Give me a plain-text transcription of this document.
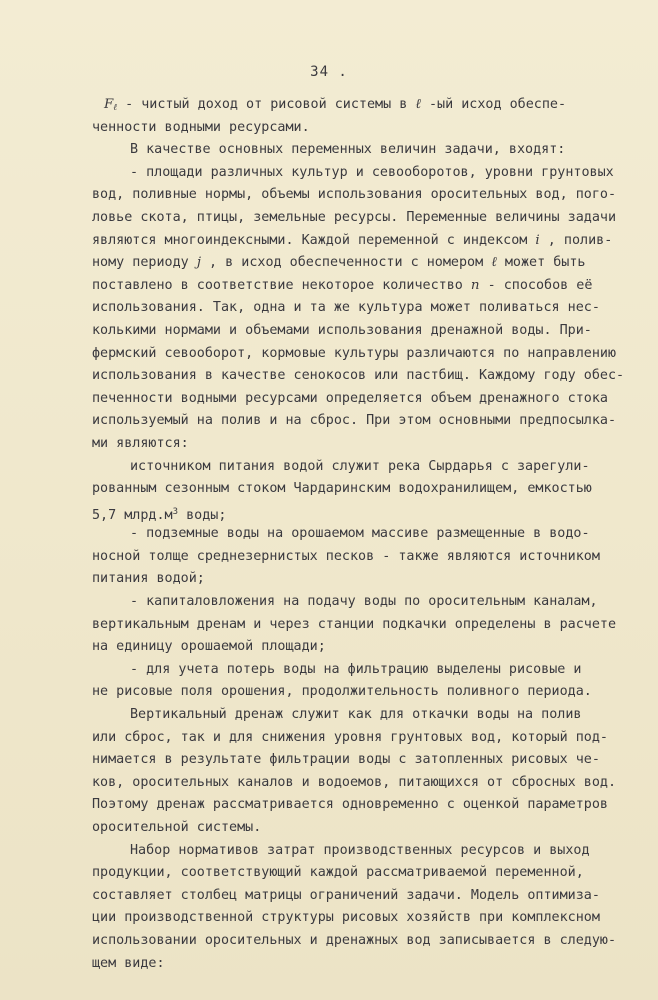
34 .
$F_\ell$ - чистый доход от рисовой системы в ℓ -ый исход обеспе-
ченности водными ресурсами.
В качестве основных переменных величин задачи, входят:
- площади различных культур и севооборотов, уровни грунтовых
вод, поливные нормы, объемы использования оросительных вод, пого-
ловье скота, птицы, земельные ресурсы. Переменные величины задачи
являются многоиндексными. Каждой переменной с индексом i , полив-
ному периоду j , в исход обеспеченности с номером ℓ может быть
поставлено в соответствие некоторое количество n - способов её
использования. Так, одна и та же культура может поливаться нес-
колькими нормами и объемами использования дренажной воды. При-
фермский севооборот, кормовые культуры различаются по направлению
использования в качестве сенокосов или пастбищ. Каждому году обес-
печенности водными ресурсами определяется объем дренажного стока
используемый на полив и на сброс. При этом основными предпосылка-
ми являются:
источником питания водой служит река Сырдарья с зарегули-
рованным сезонным стоком Чардаринским водохранилищем, емкостью
5,7 $млрд.м^3$ воды;
- подземные воды на орошаемом массиве размещенные в водо-
носной толще среднезернистых песков - также являются источником
питания водой;
- капиталовложения на подачу воды по оросительным каналам,
вертикальным дренам и через станции подкачки определены в расчете
на единицу орошаемой площади;
- для учета потерь воды на фильтрацию выделены рисовые и
не рисовые поля орошения, продолжительность поливного периода.
Вертикальный дренаж служит как для откачки воды на полив
или сброс, так и для снижения уровня грунтовых вод, который под-
нимается в результате фильтрации воды с затопленных рисовых че-
ков, оросительных каналов и водоемов, питающихся от сбросных вод.
Поэтому дренаж рассматривается одновременно с оценкой параметров
оросительной системы.
Набор нормативов затрат производственных ресурсов и выход
продукции, соответствующий каждой рассматриваемой переменной,
составляет столбец матрицы ограничений задачи. Модель оптимиза-
ции производственной структуры рисовых хозяйств при комплексном
использовании оросительных и дренажных вод записывается в следую-
щем виде:
